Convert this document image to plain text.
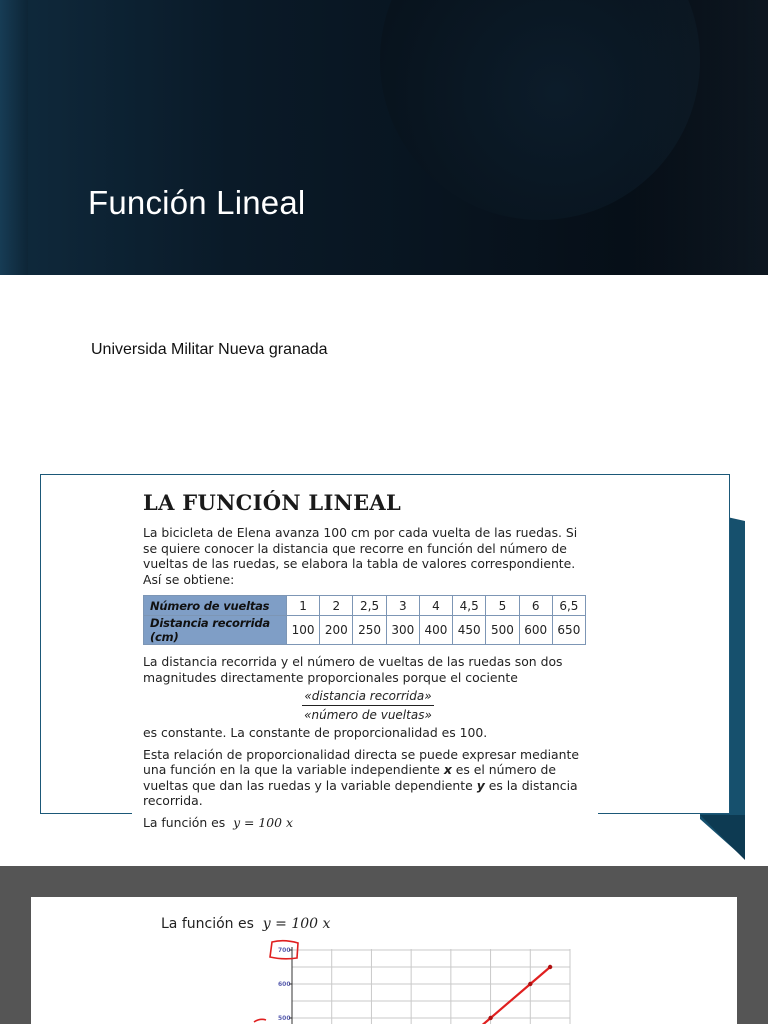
Función Lineal
Universida Militar Nueva granada
LA FUNCIÓN LINEAL

La bicicleta de Elena avanza 100 cm por cada vuelta de las ruedas. Si se quiere conocer la distancia que recorre en función del número de vueltas de las ruedas, se elabora la tabla de valores correspondiente. Así se obtiene:

Número de vueltas	1	2	2,5	3	4	4,5	5	6	6,5
Distancia recorrida (cm)	100	200	250	300	400	450	500	600	650

La distancia recorrida y el número de vueltas de las ruedas son dos magnitudes directamente proporcionales porque el cociente

«distancia recorrida»
«número de vueltas»

es constante. La constante de proporcionalidad es 100.

Esta relación de proporcionalidad directa se puede expresar mediante una función en la que la variable independiente x es el número de vueltas que dan las ruedas y la variable dependiente y es la distancia recorrida.

La función es y = 100 x

La función es y = 100 x
700
600
500
